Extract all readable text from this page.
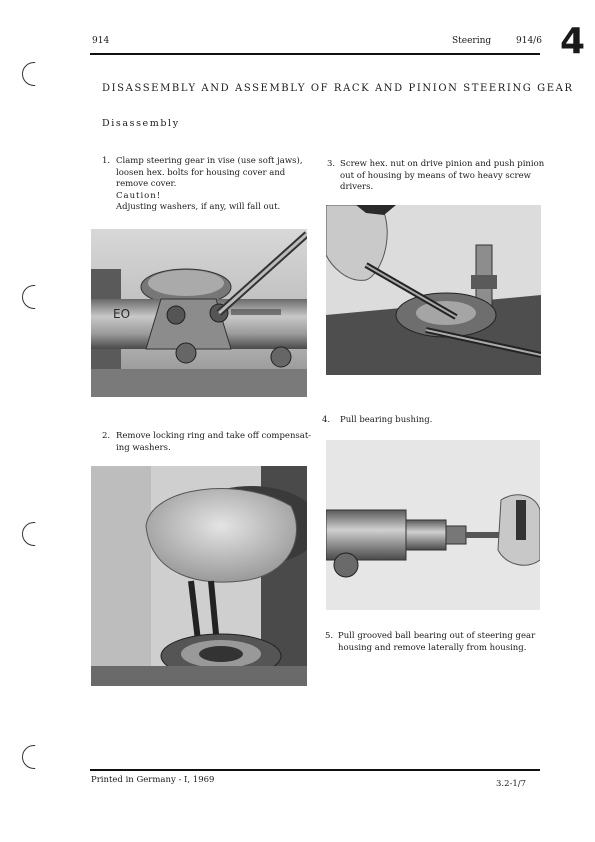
914	Steering	914/6 4
DISASSEMBLY AND ASSEMBLY OF RACK AND PINION STEERING GEAR
Disassembly
1. Clamp steering gear in vise (use soft jaws),
loosen hex. bolts for housing cover and
remove cover.
Caution!
Adjusting washers, if any, will fall out.
ЕО
2. Remove locking ring and take off compensat-
ing washers.
3. Screw hex. nut on drive pinion and push pinion
out of housing by means of two heavy screw
drivers.
4. Pull bearing bushing.
5. Pull grooved ball bearing out of steering gear
housing and remove laterally from housing.
Printed in Germany - I, 1969	3.2-1/7
